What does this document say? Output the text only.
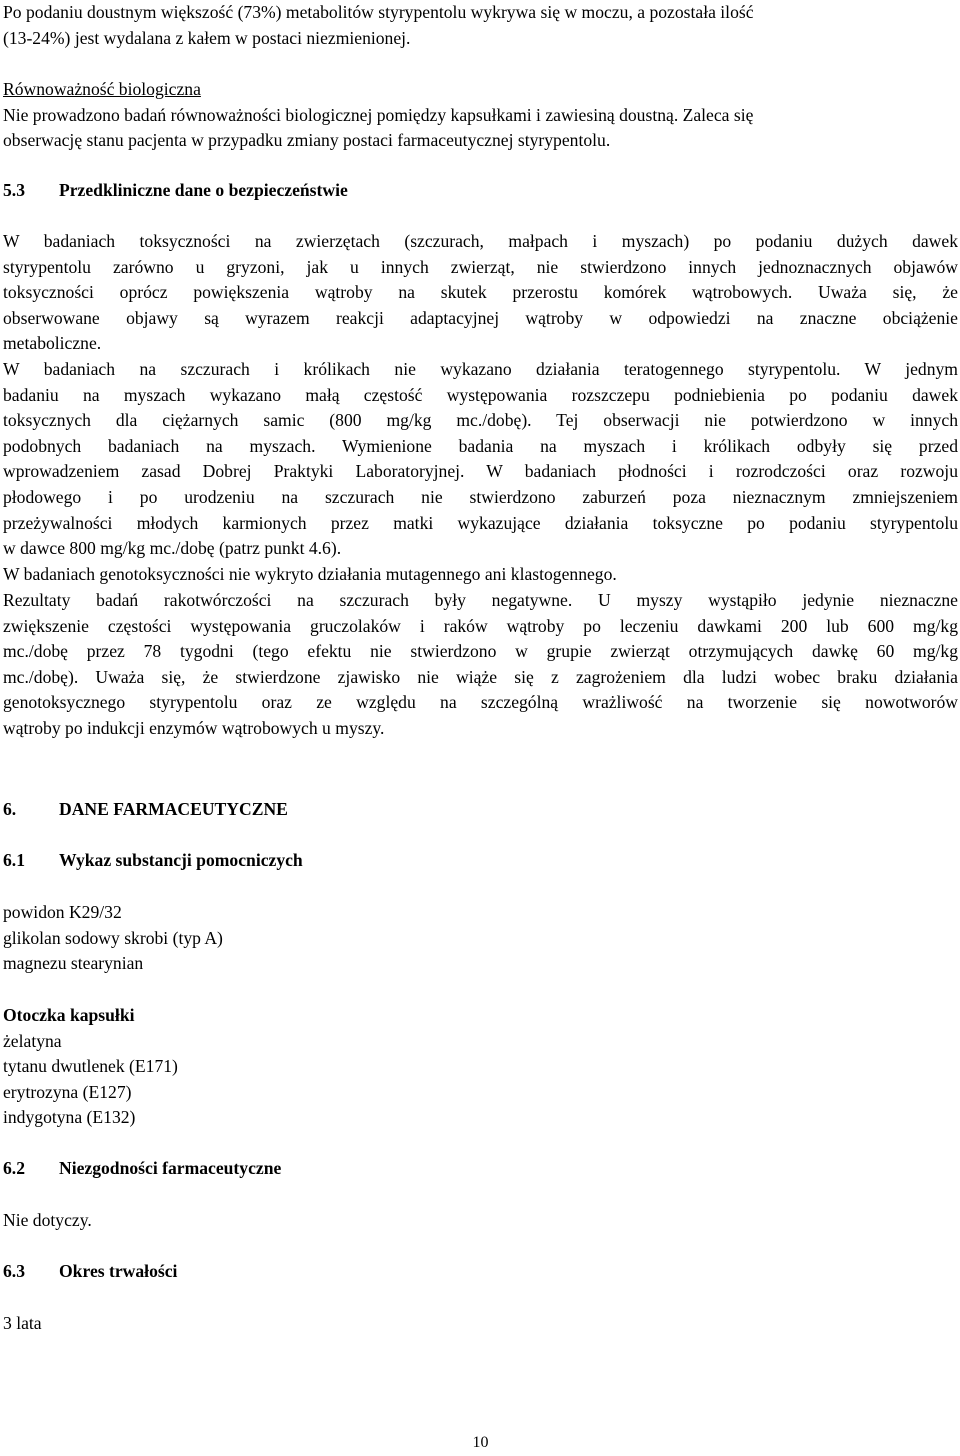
Po podaniu doustnym większość (73%) metabolitów styrypentolu wykrywa się w moczu, a pozostała ilość
(13-24%) jest wydalana z kałem w postaci niezmienionej.
Równoważność biologiczna
Nie prowadzono badań równoważności biologicznej pomiędzy kapsułkami i zawiesiną doustną. Zaleca się
obserwację stanu pacjenta w przypadku zmiany postaci farmaceutycznej styrypentolu.
5.3 Przedkliniczne dane o bezpieczeństwie
W badaniach toksyczności na zwierzętach (szczurach, małpach i myszach) po podaniu dużych dawek
styrypentolu zarówno u gryzoni, jak u innych zwierząt, nie stwierdzono innych jednoznacznych objawów
toksyczności oprócz powiększenia wątroby na skutek przerostu komórek wątrobowych. Uważa się, że
obserwowane objawy są wyrazem reakcji adaptacyjnej wątroby w odpowiedzi na znaczne obciążenie
metaboliczne.
W badaniach na szczurach i królikach nie wykazano działania teratogennego styrypentolu. W jednym
badaniu na myszach wykazano małą częstość występowania rozszczepu podniebienia po podaniu dawek
toksycznych dla ciężarnych samic (800 mg/kg mc./dobę). Tej obserwacji nie potwierdzono w innych
podobnych badaniach na myszach. Wymienione badania na myszach i królikach odbyły się przed
wprowadzeniem zasad Dobrej Praktyki Laboratoryjnej. W badaniach płodności i rozrodczości oraz rozwoju
płodowego i po urodzeniu na szczurach nie stwierdzono zaburzeń poza nieznacznym zmniejszeniem
przeżywalności młodych karmionych przez matki wykazujące działania toksyczne po podaniu styrypentolu
w dawce 800 mg/kg mc./dobę (patrz punkt 4.6).
W badaniach genotoksyczności nie wykryto działania mutagennego ani klastogennego.
Rezultaty badań rakotwórczości na szczurach były negatywne. U myszy wystąpiło jedynie nieznaczne
zwiększenie częstości występowania gruczolaków i raków wątroby po leczeniu dawkami 200 lub 600 mg/kg
mc./dobę przez 78 tygodni (tego efektu nie stwierdzono w grupie zwierząt otrzymujących dawkę 60 mg/kg
mc./dobę). Uważa się, że stwierdzone zjawisko nie wiąże się z zagrożeniem dla ludzi wobec braku działania
genotoksycznego styrypentolu oraz ze względu na szczególną wrażliwość na tworzenie się nowotworów
wątroby po indukcji enzymów wątrobowych u myszy.
6. DANE FARMACEUTYCZNE
6.1 Wykaz substancji pomocniczych
powidon K29/32
glikolan sodowy skrobi (typ A)
magnezu stearynian
Otoczka kapsułki
żelatyna
tytanu dwutlenek (E171)
erytrozyna (E127)
indygotyna (E132)
6.2 Niezgodności farmaceutyczne
Nie dotyczy.
6.3 Okres trwałości
3 lata
10
